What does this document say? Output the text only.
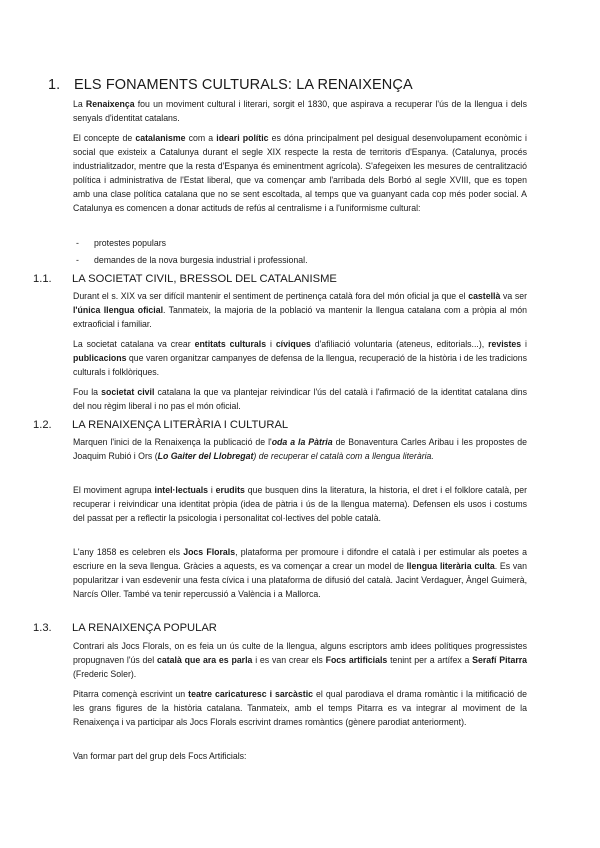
1. ELS FONAMENTS CULTURALS: LA RENAIXENÇA

La Renaixença fou un moviment cultural i literari, sorgit el 1830, que aspirava a recuperar l'ús de la llengua i dels senyals d'identitat catalans.

El concepte de catalanisme com a ideari polític es dóna principalment pel desigual desenvolupament econòmic i social que existeix a Catalunya durant el segle XIX respecte la resta de territoris d'Espanya. (Catalunya, procés industrialitzador, mentre que la resta d'Espanya és eminentment agrícola). S'afegeixen les mesures de centralització política i administrativa de l'Estat liberal, que va començar amb l'arribada dels Borbó al segle XVIII, que es topen amb una clase política catalana que no se sent escoltada, al temps que va guanyant cada cop més poder social. A Catalunya es comencen a donar actituds de refús al centralisme i a l'uniformisme cultural:

- protestes populars
- demandes de la nova burgesia industrial i professional.
1.1. LA SOCIETAT CIVIL, BRESSOL DEL CATALANISME

Durant el s. XIX va ser difícil mantenir el sentiment de pertinença català fora del món oficial ja que el castellà va ser l'única llengua oficial. Tanmateix, la majoria de la població va mantenir la llengua catalana com a pròpia al món extraoficial i familiar.

La societat catalana va crear entitats culturals i cíviques d'afiliació voluntaria (ateneus, editorials...), revistes i publicacions que varen organitzar campanyes de defensa de la llengua, recuperació de la història i de les tradicions culturals i folklòriques.

Fou la societat civil catalana la que va plantejar reivindicar l'ús del català i l'afirmació de la identitat catalana dins del nou règim liberal i no pas el món oficial.

1.2. LA RENAIXENÇA LITERÀRIA I CULTURAL

Marquen l'inici de la Renaixença la publicació de l'oda a la Pàtria de Bonaventura Carles Aribau i les propostes de Joaquim Rubió i Ors (Lo Gaiter del Llobregat) de recuperar el català com a llengua literària.

El moviment agrupa intel·lectuals i erudits que busquen dins la literatura, la historia, el dret i el folklore català, per recuperar i reivindicar una identitat pròpia (idea de pàtria i ús de la llengua materna). Defensen els usos i costums del passat per a reflectir la psicologia i personalitat col·lectives del poble català.

L'any 1858 es celebren els Jocs Florals, plataforma per promoure i difondre el català i per estimular als poetes a escriure en la seva llengua. Gràcies a aquests, es va començar a crear un model de llengua literària culta. Es van popularitzar i van esdevenir una festa cívica i una plataforma de difusió del català. Jacint Verdaguer, Àngel Guimerà, Narcís Oller. També va tenir repercussió a València i a Mallorca.

1.3. LA RENAIXENÇA POPULAR

Contrari als Jocs Florals, on es feia un ús culte de la llengua, alguns escriptors amb idees polítiques progressistes propugnaven l'ús del català que ara es parla i es van crear els Focs artificials tenint per a artífex a Serafí Pitarra (Frederic Soler).

Pitarra començà escrivint un teatre caricaturesc i sarcàstic el qual parodiava el drama romàntic i la mitificació de les grans figures de la història catalana. Tanmateix, amb el temps Pitarra es va integrar al moviment de la Renaixença i va participar als Jocs Florals escrivint drames romàntics (gènere parodiat anteriorment).

Van formar part del grup dels Focs Artificials:
